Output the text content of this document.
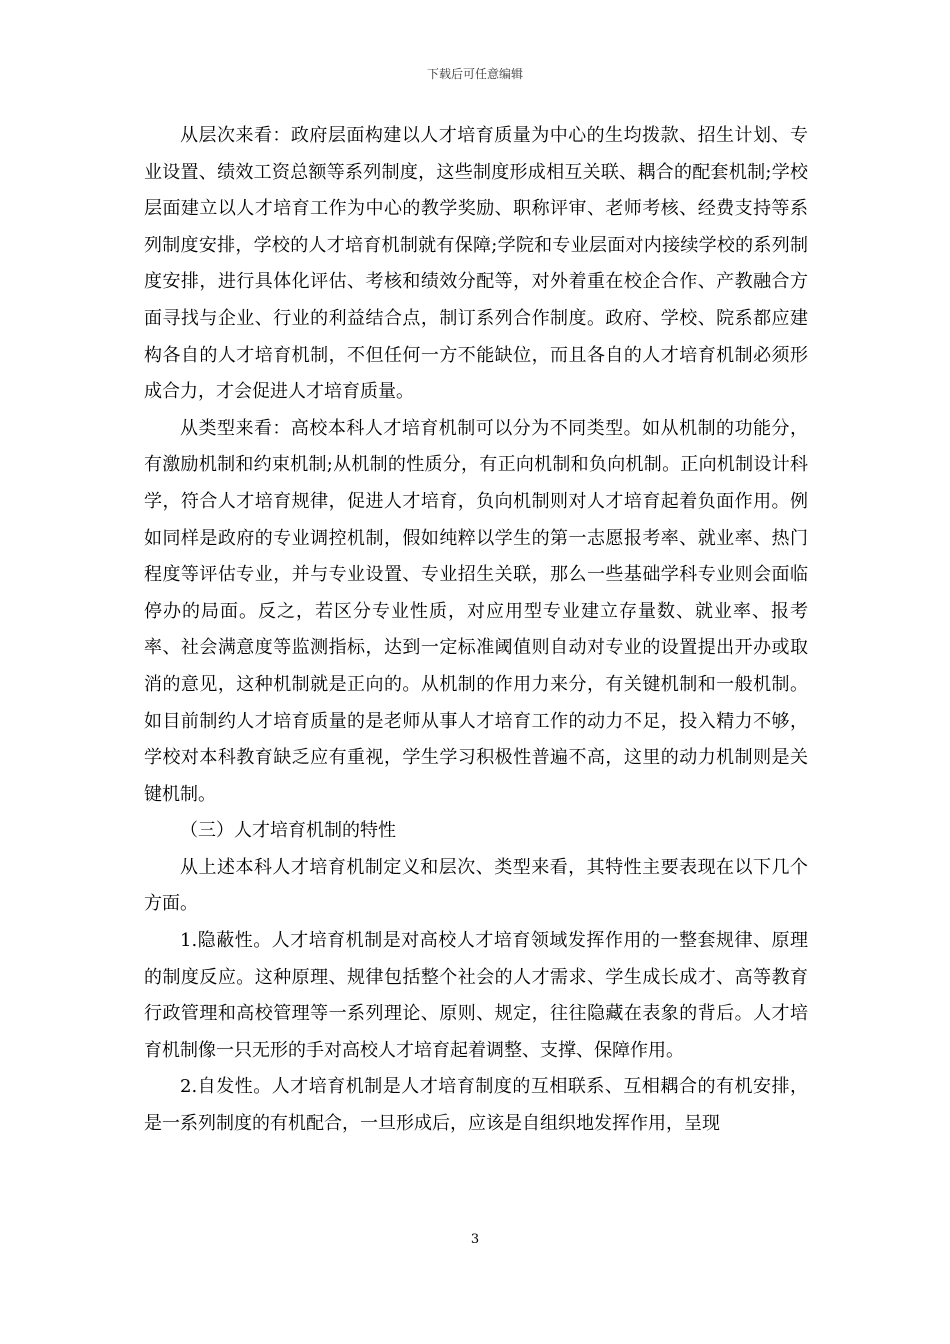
下载后可任意编辑

从层次来看：政府层面构建以人才培育质量为中心的生均拨款、招生计划、专业设置、绩效工资总额等系列制度，这些制度形成相互关联、耦合的配套机制;学校层面建立以人才培育工作为中心的教学奖励、职称评审、老师考核、经费支持等系列制度安排，学校的人才培育机制就有保障;学院和专业层面对内接续学校的系列制度安排，进行具体化评估、考核和绩效分配等，对外着重在校企合作、产教融合方面寻找与企业、行业的利益结合点，制订系列合作制度。政府、学校、院系都应建构各自的人才培育机制，不但任何一方不能缺位，而且各自的人才培育机制必须形成合力，才会促进人才培育质量。

从类型来看：高校本科人才培育机制可以分为不同类型。如从机制的功能分，有激励机制和约束机制;从机制的性质分，有正向机制和负向机制。正向机制设计科学，符合人才培育规律，促进人才培育，负向机制则对人才培育起着负面作用。例如同样是政府的专业调控机制，假如纯粹以学生的第一志愿报考率、就业率、热门程度等评估专业，并与专业设置、专业招生关联，那么一些基础学科专业则会面临停办的局面。反之，若区分专业性质，对应用型专业建立存量数、就业率、报考率、社会满意度等监测指标，达到一定标准阈值则自动对专业的设置提出开办或取消的意见，这种机制就是正向的。从机制的作用力来分，有关键机制和一般机制。如目前制约人才培育质量的是老师从事人才培育工作的动力不足，投入精力不够，学校对本科教育缺乏应有重视，学生学习积极性普遍不高，这里的动力机制则是关键机制。

（三）人才培育机制的特性

从上述本科人才培育机制定义和层次、类型来看，其特性主要表现在以下几个方面。

1.隐蔽性。人才培育机制是对高校人才培育领域发挥作用的一整套规律、原理的制度反应。这种原理、规律包括整个社会的人才需求、学生成长成才、高等教育行政管理和高校管理等一系列理论、原则、规定，往往隐藏在表象的背后。人才培育机制像一只无形的手对高校人才培育起着调整、支撑、保障作用。

2.自发性。人才培育机制是人才培育制度的互相联系、互相耦合的有机安排，是一系列制度的有机配合，一旦形成后，应该是自组织地发挥作用，呈现

3
